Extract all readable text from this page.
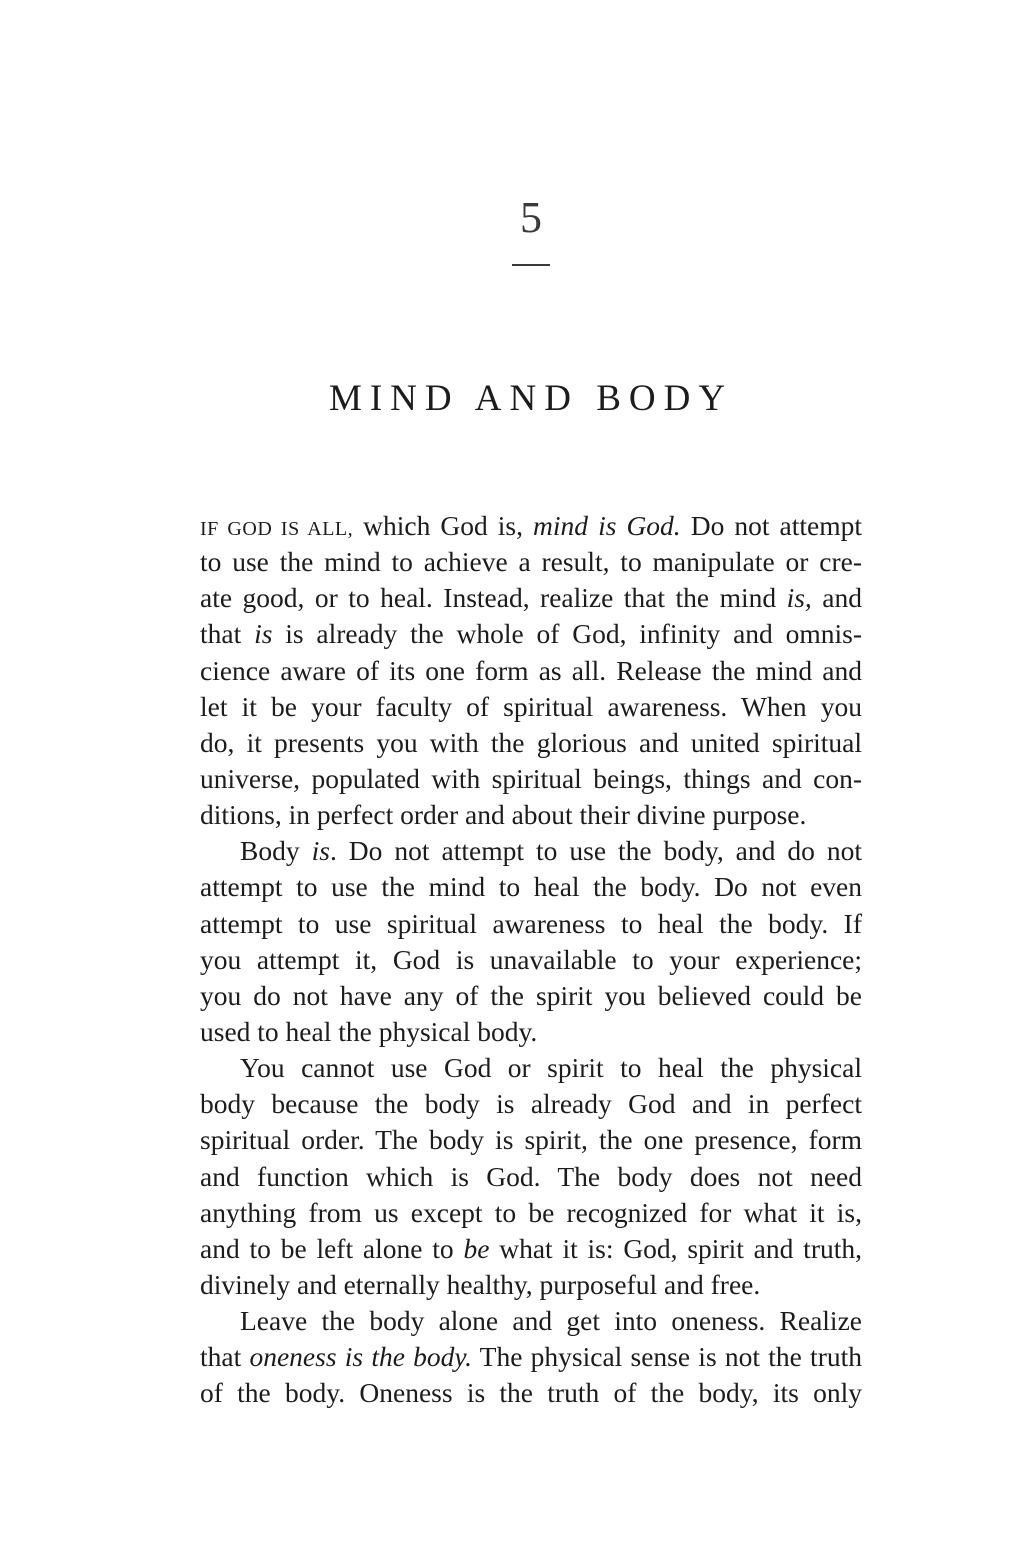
5
MIND AND BODY
IF GOD IS ALL, which God is, mind is God. Do not attempt
to use the mind to achieve a result, to manipulate or cre-
ate good, or to heal. Instead, realize that the mind is, and
that is is already the whole of God, infinity and omnis-
cience aware of its one form as all. Release the mind and
let it be your faculty of spiritual awareness. When you
do, it presents you with the glorious and united spiritual
universe, populated with spiritual beings, things and con-
ditions, in perfect order and about their divine purpose.
Body is. Do not attempt to use the body, and do not
attempt to use the mind to heal the body. Do not even
attempt to use spiritual awareness to heal the body. If
you attempt it, God is unavailable to your experience;
you do not have any of the spirit you believed could be
used to heal the physical body.
You cannot use God or spirit to heal the physical
body because the body is already God and in perfect
spiritual order. The body is spirit, the one presence, form
and function which is God. The body does not need
anything from us except to be recognized for what it is,
and to be left alone to be what it is: God, spirit and truth,
divinely and eternally healthy, purposeful and free.
Leave the body alone and get into oneness. Realize
that oneness is the body. The physical sense is not the truth
of the body. Oneness is the truth of the body, its only
